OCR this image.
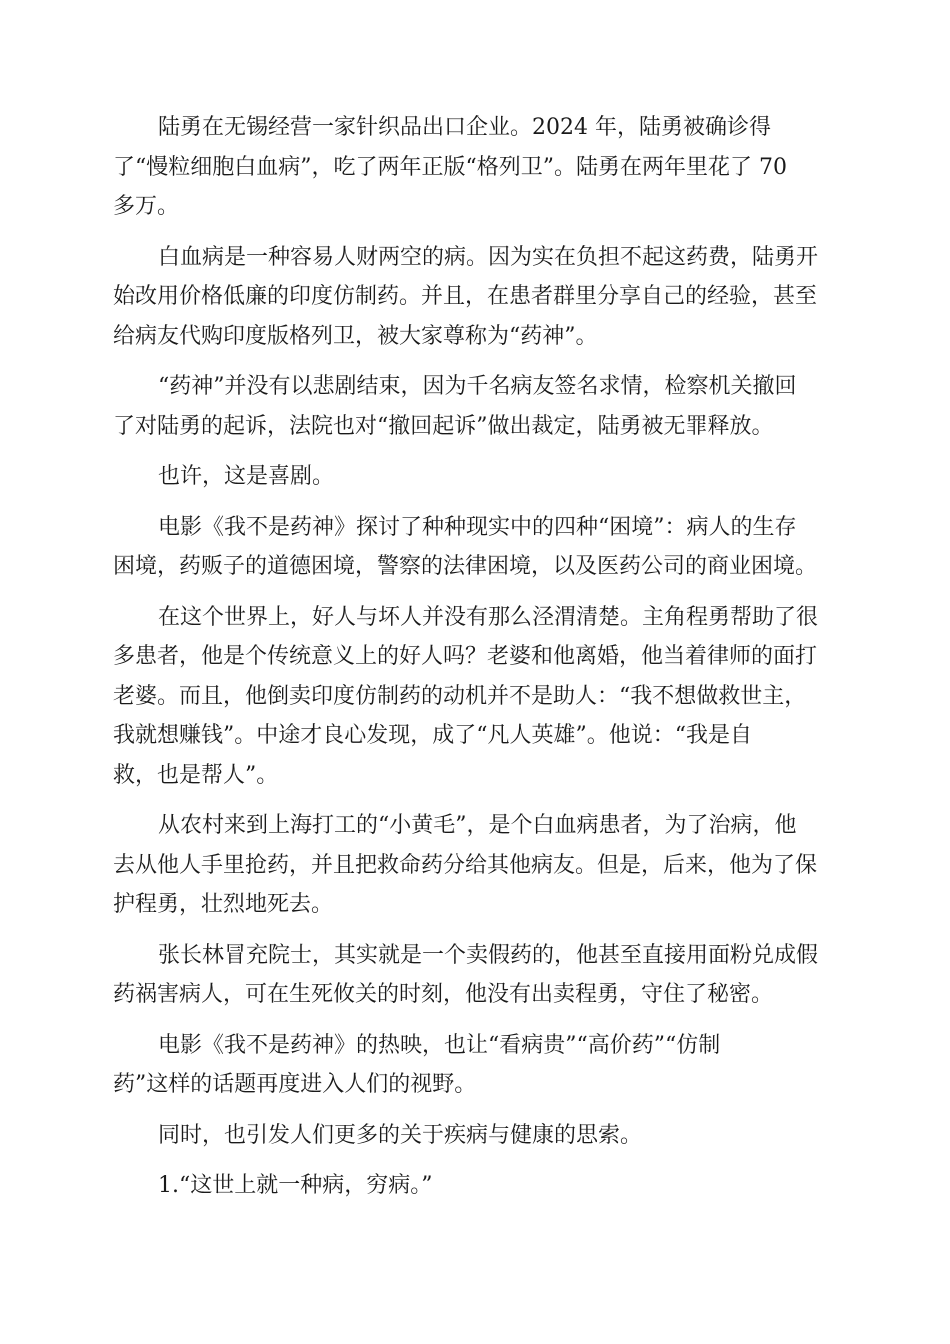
陆勇在无锡经营一家针织品出口企业。2024 年，陆勇被确诊得
了“慢粒细胞白血病”，吃了两年正版“格列卫”。陆勇在两年里花了 70
多万。
白血病是一种容易人财两空的病。因为实在负担不起这药费，陆勇开
始改用价格低廉的印度仿制药。并且，在患者群里分享自己的经验，甚至
给病友代购印度版格列卫，被大家尊称为“药神”。
“药神”并没有以悲剧结束，因为千名病友签名求情，检察机关撤回
了对陆勇的起诉，法院也对“撤回起诉”做出裁定，陆勇被无罪释放。
也许，这是喜剧。
电影《我不是药神》探讨了种种现实中的四种“困境”：病人的生存
困境，药贩子的道德困境，警察的法律困境，以及医药公司的商业困境。
在这个世界上，好人与坏人并没有那么泾渭清楚。主角程勇帮助了很
多患者，他是个传统意义上的好人吗？老婆和他离婚，他当着律师的面打
老婆。而且，他倒卖印度仿制药的动机并不是助人：“我不想做救世主，
我就想赚钱”。中途才良心发现，成了“凡人英雄”。他说：“我是自
救，也是帮人”。
从农村来到上海打工的“小黄毛”，是个白血病患者，为了治病，他
去从他人手里抢药，并且把救命药分给其他病友。但是，后来，他为了保
护程勇，壮烈地死去。
张长林冒充院士，其实就是一个卖假药的，他甚至直接用面粉兑成假
药祸害病人，可在生死攸关的时刻，他没有出卖程勇，守住了秘密。
电影《我不是药神》的热映，也让“看病贵”“高价药”“仿制
药”这样的话题再度进入人们的视野。
同时，也引发人们更多的关于疾病与健康的思索。
1.“这世上就一种病，穷病。”
